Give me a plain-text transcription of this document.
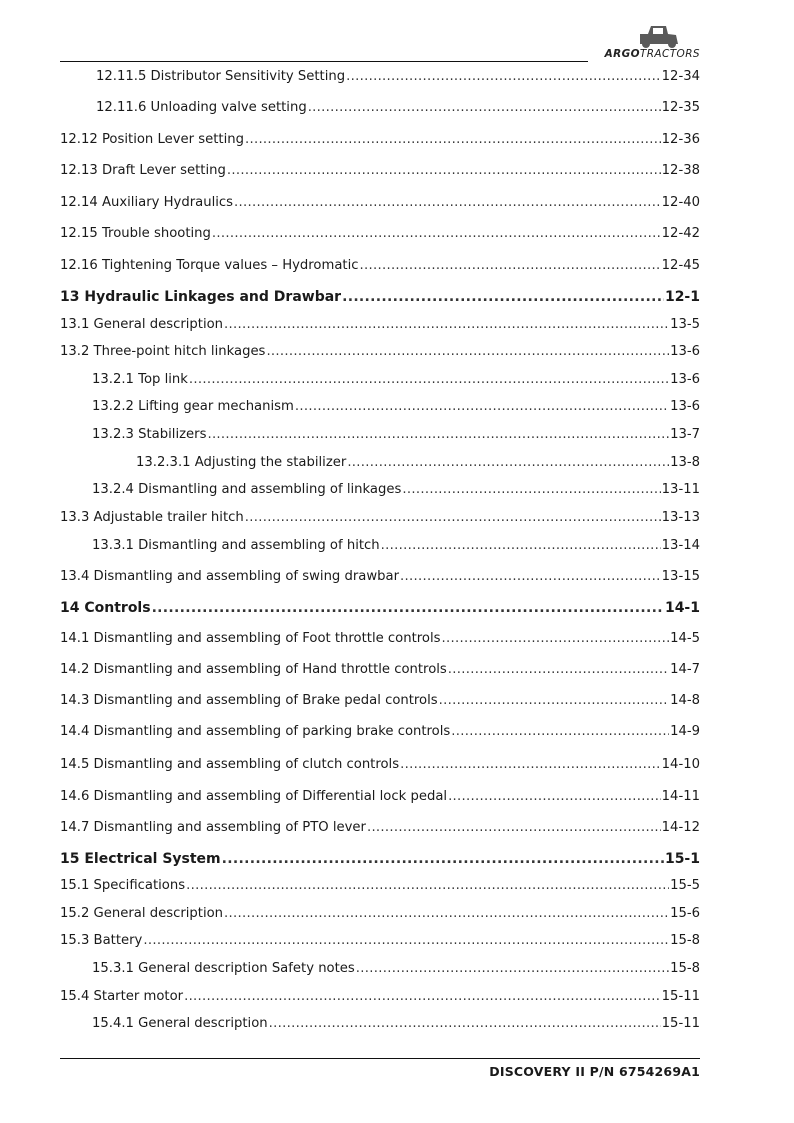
ARGOTRACTORS
12.11.5 Distributor Sensitivity Setting .....	12-34
12.11.6 Unloading valve setting .....	12-35
12.12 Position Lever setting .....	12-36
12.13 Draft Lever setting .....	12-38
12.14 Auxiliary Hydraulics .....	12-40
12.15 Trouble shooting .....	12-42
12.16 Tightening Torque values – Hydromatic .....	12-45
13 Hydraulic Linkages and Drawbar .....	12-1
13.1 General description .....	13-5
13.2 Three-point hitch linkages .....	13-6
13.2.1 Top link .....	13-6
13.2.2 Lifting gear mechanism .....	13-6
13.2.3 Stabilizers .....	13-7
13.2.3.1 Adjusting the stabilizer .....	13-8
13.2.4 Dismantling and assembling of linkages .....	13-11
13.3 Adjustable trailer hitch .....	13-13
13.3.1 Dismantling and assembling of hitch .....	13-14
13.4 Dismantling and assembling of swing drawbar .....	13-15
14 Controls .....	14-1
14.1 Dismantling and assembling of Foot throttle controls .....	14-5
14.2 Dismantling and assembling of Hand throttle controls .....	14-7
14.3 Dismantling and assembling of Brake pedal controls .....	14-8
14.4 Dismantling and assembling of parking brake controls .....	14-9
14.5 Dismantling and assembling of clutch controls .....	14-10
14.6 Dismantling and assembling of Differential lock pedal .....	14-11
14.7 Dismantling and assembling of PTO lever .....	14-12
15 Electrical System .....	15-1
15.1 Specifications .....	15-5
15.2 General description .....	15-6
15.3 Battery .....	15-8
15.3.1 General description Safety notes .....	15-8
15.4 Starter motor .....	15-11
15.4.1 General description .....	15-11
DISCOVERY II P/N 6754269A1
